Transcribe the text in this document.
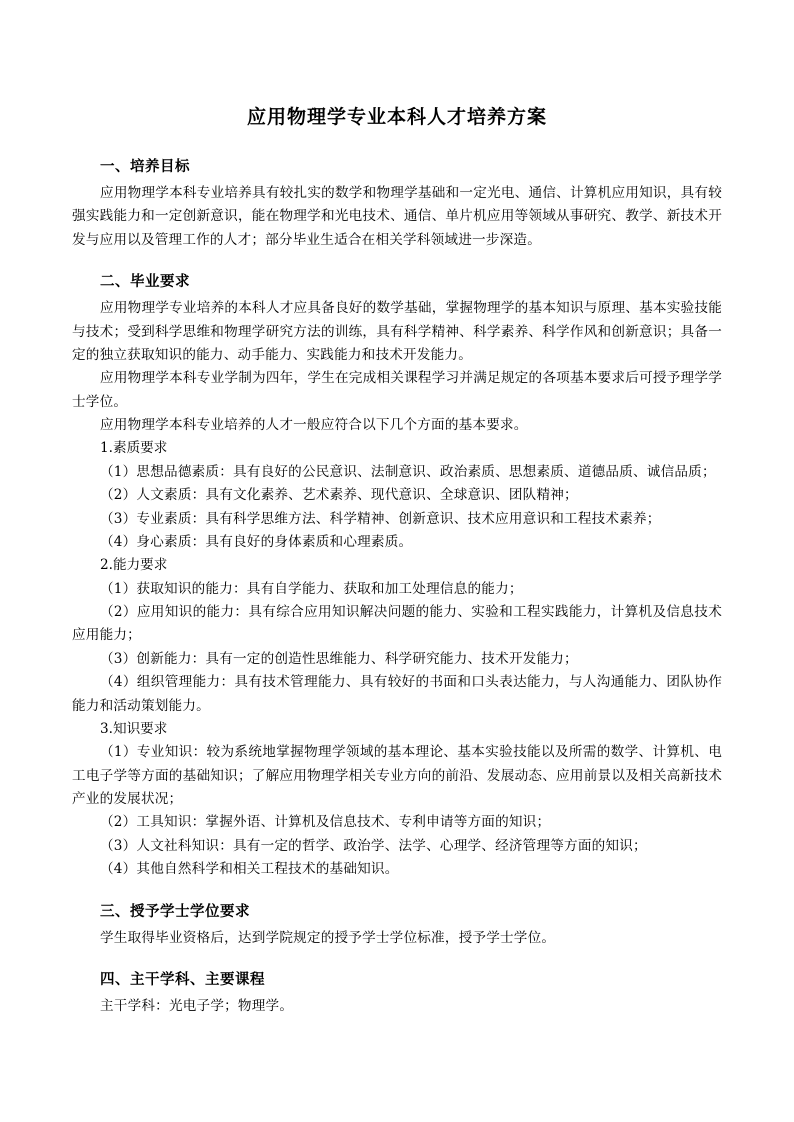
应用物理学专业本科人才培养方案
一、培养目标

应用物理学本科专业培养具有较扎实的数学和物理学基础和一定光电、通信、计算机应用知识，具有较强实践能力和一定创新意识，能在物理学和光电技术、通信、单片机应用等领域从事研究、教学、新技术开发与应用以及管理工作的人才；部分毕业生适合在相关学科领域进一步深造。

二、毕业要求

应用物理学专业培养的本科人才应具备良好的数学基础，掌握物理学的基本知识与原理、基本实验技能与技术；受到科学思维和物理学研究方法的训练，具有科学精神、科学素养、科学作风和创新意识；具备一定的独立获取知识的能力、动手能力、实践能力和技术开发能力。

应用物理学本科专业学制为四年，学生在完成相关课程学习并满足规定的各项基本要求后可授予理学学士学位。

应用物理学本科专业培养的人才一般应符合以下几个方面的基本要求。

1.素质要求

（1）思想品德素质：具有良好的公民意识、法制意识、政治素质、思想素质、道德品质、诚信品质；

（2）人文素质：具有文化素养、艺术素养、现代意识、全球意识、团队精神；

（3）专业素质：具有科学思维方法、科学精神、创新意识、技术应用意识和工程技术素养；

（4）身心素质：具有良好的身体素质和心理素质。

2.能力要求

（1）获取知识的能力：具有自学能力、获取和加工处理信息的能力；

（2）应用知识的能力：具有综合应用知识解决问题的能力、实验和工程实践能力，计算机及信息技术应用能力；

（3）创新能力：具有一定的创造性思维能力、科学研究能力、技术开发能力；

（4）组织管理能力：具有技术管理能力、具有较好的书面和口头表达能力，与人沟通能力、团队协作能力和活动策划能力。

3.知识要求

（1）专业知识：较为系统地掌握物理学领域的基本理论、基本实验技能以及所需的数学、计算机、电工电子学等方面的基础知识；了解应用物理学相关专业方向的前沿、发展动态、应用前景以及相关高新技术产业的发展状况；

（2）工具知识：掌握外语、计算机及信息技术、专利申请等方面的知识；

（3）人文社科知识：具有一定的哲学、政治学、法学、心理学、经济管理等方面的知识；

（4）其他自然科学和相关工程技术的基础知识。

三、授予学士学位要求

学生取得毕业资格后，达到学院规定的授予学士学位标准，授予学士学位。

四、主干学科、主要课程

主干学科：光电子学；物理学。
